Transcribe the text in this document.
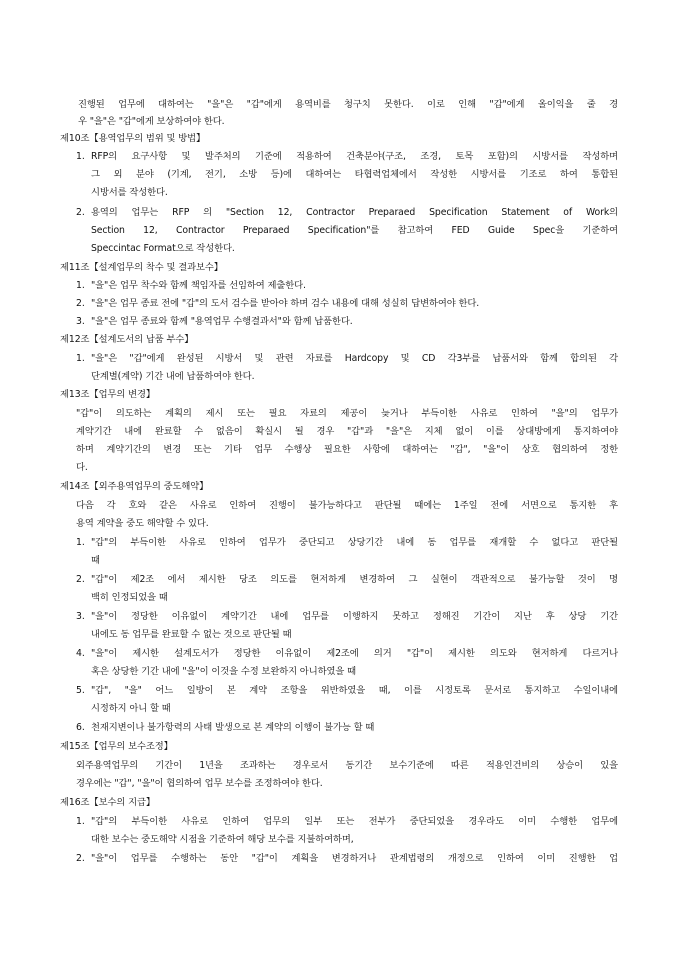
진행된 업무에 대하여는 "을"은 "갑"에게 용역비를 청구치 못한다. 이로 인해 "갑"에게 올이익을 줄 경
우 "을"은 "갑"에게 보상하여야 한다.
제10조【용역업무의 범위 및 방법】
1. RFP의 요구사항 및 발주처의 기준에 적용하여 건축분야(구조, 조경, 토목 포함)의 시방서를 작성하며
그 외 분야 (기계, 전기, 소방 등)에 대하여는 타협력업체에서 작성한 시방서를 기조로 하여 통합된
시방서를 작성한다.
2. 용역의 업무는 RFP 의 "Section 12, Contractor Preparaed Specification Statement of Work의
Section 12, Contractor Preparaed Specification"를 참고하여 FED Guide Spec을 기준하여
Speccintac Format으로 작성한다.
제11조【설계업무의 착수 및 결과보수】
1. "을"은 업무 착수와 함께 책임자를 선임하여 제출한다.
2. "을"은 업무 종료 전에 "갑"의 도서 검수를 받아야 하며 검수 내용에 대해 성실히 답변하여야 한다.
3. "을"은 업무 종료와 함께 "용역업무 수행결과서"와 함께 납품한다.
제12조【설계도서의 납품 부수】
1. "을"은 "갑"에게 완성된 시방서 및 관련 자료를 Hardcopy 및 CD 각3부를 납품서와 함께 합의된 각
단계별(계약) 기간 내에 납품하여야 한다.
제13조【업무의 변경】
"갑"이 의도하는 계획의 제시 또는 필요 자료의 제공이 늦거나 부득이한 사유로 인하여 "을"의 업무가
계약기간 내에 완료할 수 없음이 확실시 될 경우 "갑"과 "을"은 지체 없이 이를 상대방에게 통지하여야
하며 계약기간의 변경 또는 기타 업무 수행상 필요한 사항에 대하여는 "갑", "을"이 상호 협의하여 정한
다.
제14조【외주용역업무의 중도해약】
다음 각 호와 같은 사유로 인하여 진행이 불가능하다고 판단될 때에는 1주일 전에 서면으로 통지한 후
용역 계약을 중도 해약할 수 있다.
1. "갑"의 부득이한 사유로 인하여 업무가 중단되고 상당기간 내에 동 업무를 재개할 수 없다고 판단될
때
2. "갑"이 제2조 에서 제시한 당조 의도를 현저하게 변경하여 그 실현이 객관적으로 불가능할 것이 명
백히 인정되었을 때
3. "을"이 정당한 이유없이 계약기간 내에 업무를 이행하지 못하고 정해진 기간이 지난 후 상당 기간
내에도 동 업무를 완료할 수 없는 것으로 판단될 때
4. "을"이 제시한 설계도서가 정당한 이유없이 제2조에 의거 "갑"이 제시한 의도와 현저하게 다르거나
혹은 상당한 기간 내에 "을"이 이것을 수정 보완하지 아니하였을 때
5. "갑", "을" 어느 일방이 본 계약 조항을 위반하였을 때, 이를 시정토록 문서로 통지하고 수일이내에
시정하지 아니 할 때
6. 천재지변이나 불가항력의 사태 발생으로 본 계약의 이행이 불가능 할 때
제15조【업무의 보수조정】
외주용역업무의 기간이 1년을 조과하는 경우로서 동기간 보수기준에 따른 적용인건비의 상승이 있을
경우에는 "갑", "을"이 협의하여 업무 보수를 조정하여야 한다.
제16조【보수의 지급】
1. "갑"의 부득이한 사유로 인하여 업무의 일부 또는 전부가 중단되었을 경우라도 이미 수행한 업무에
대한 보수는 중도해약 시점을 기준하여 해당 보수를 지불하여하며,
2. "을"이 업무를 수행하는 동안 "갑"이 계획을 변경하거나 관계법령의 개정으로 인하여 이미 진행한 업
